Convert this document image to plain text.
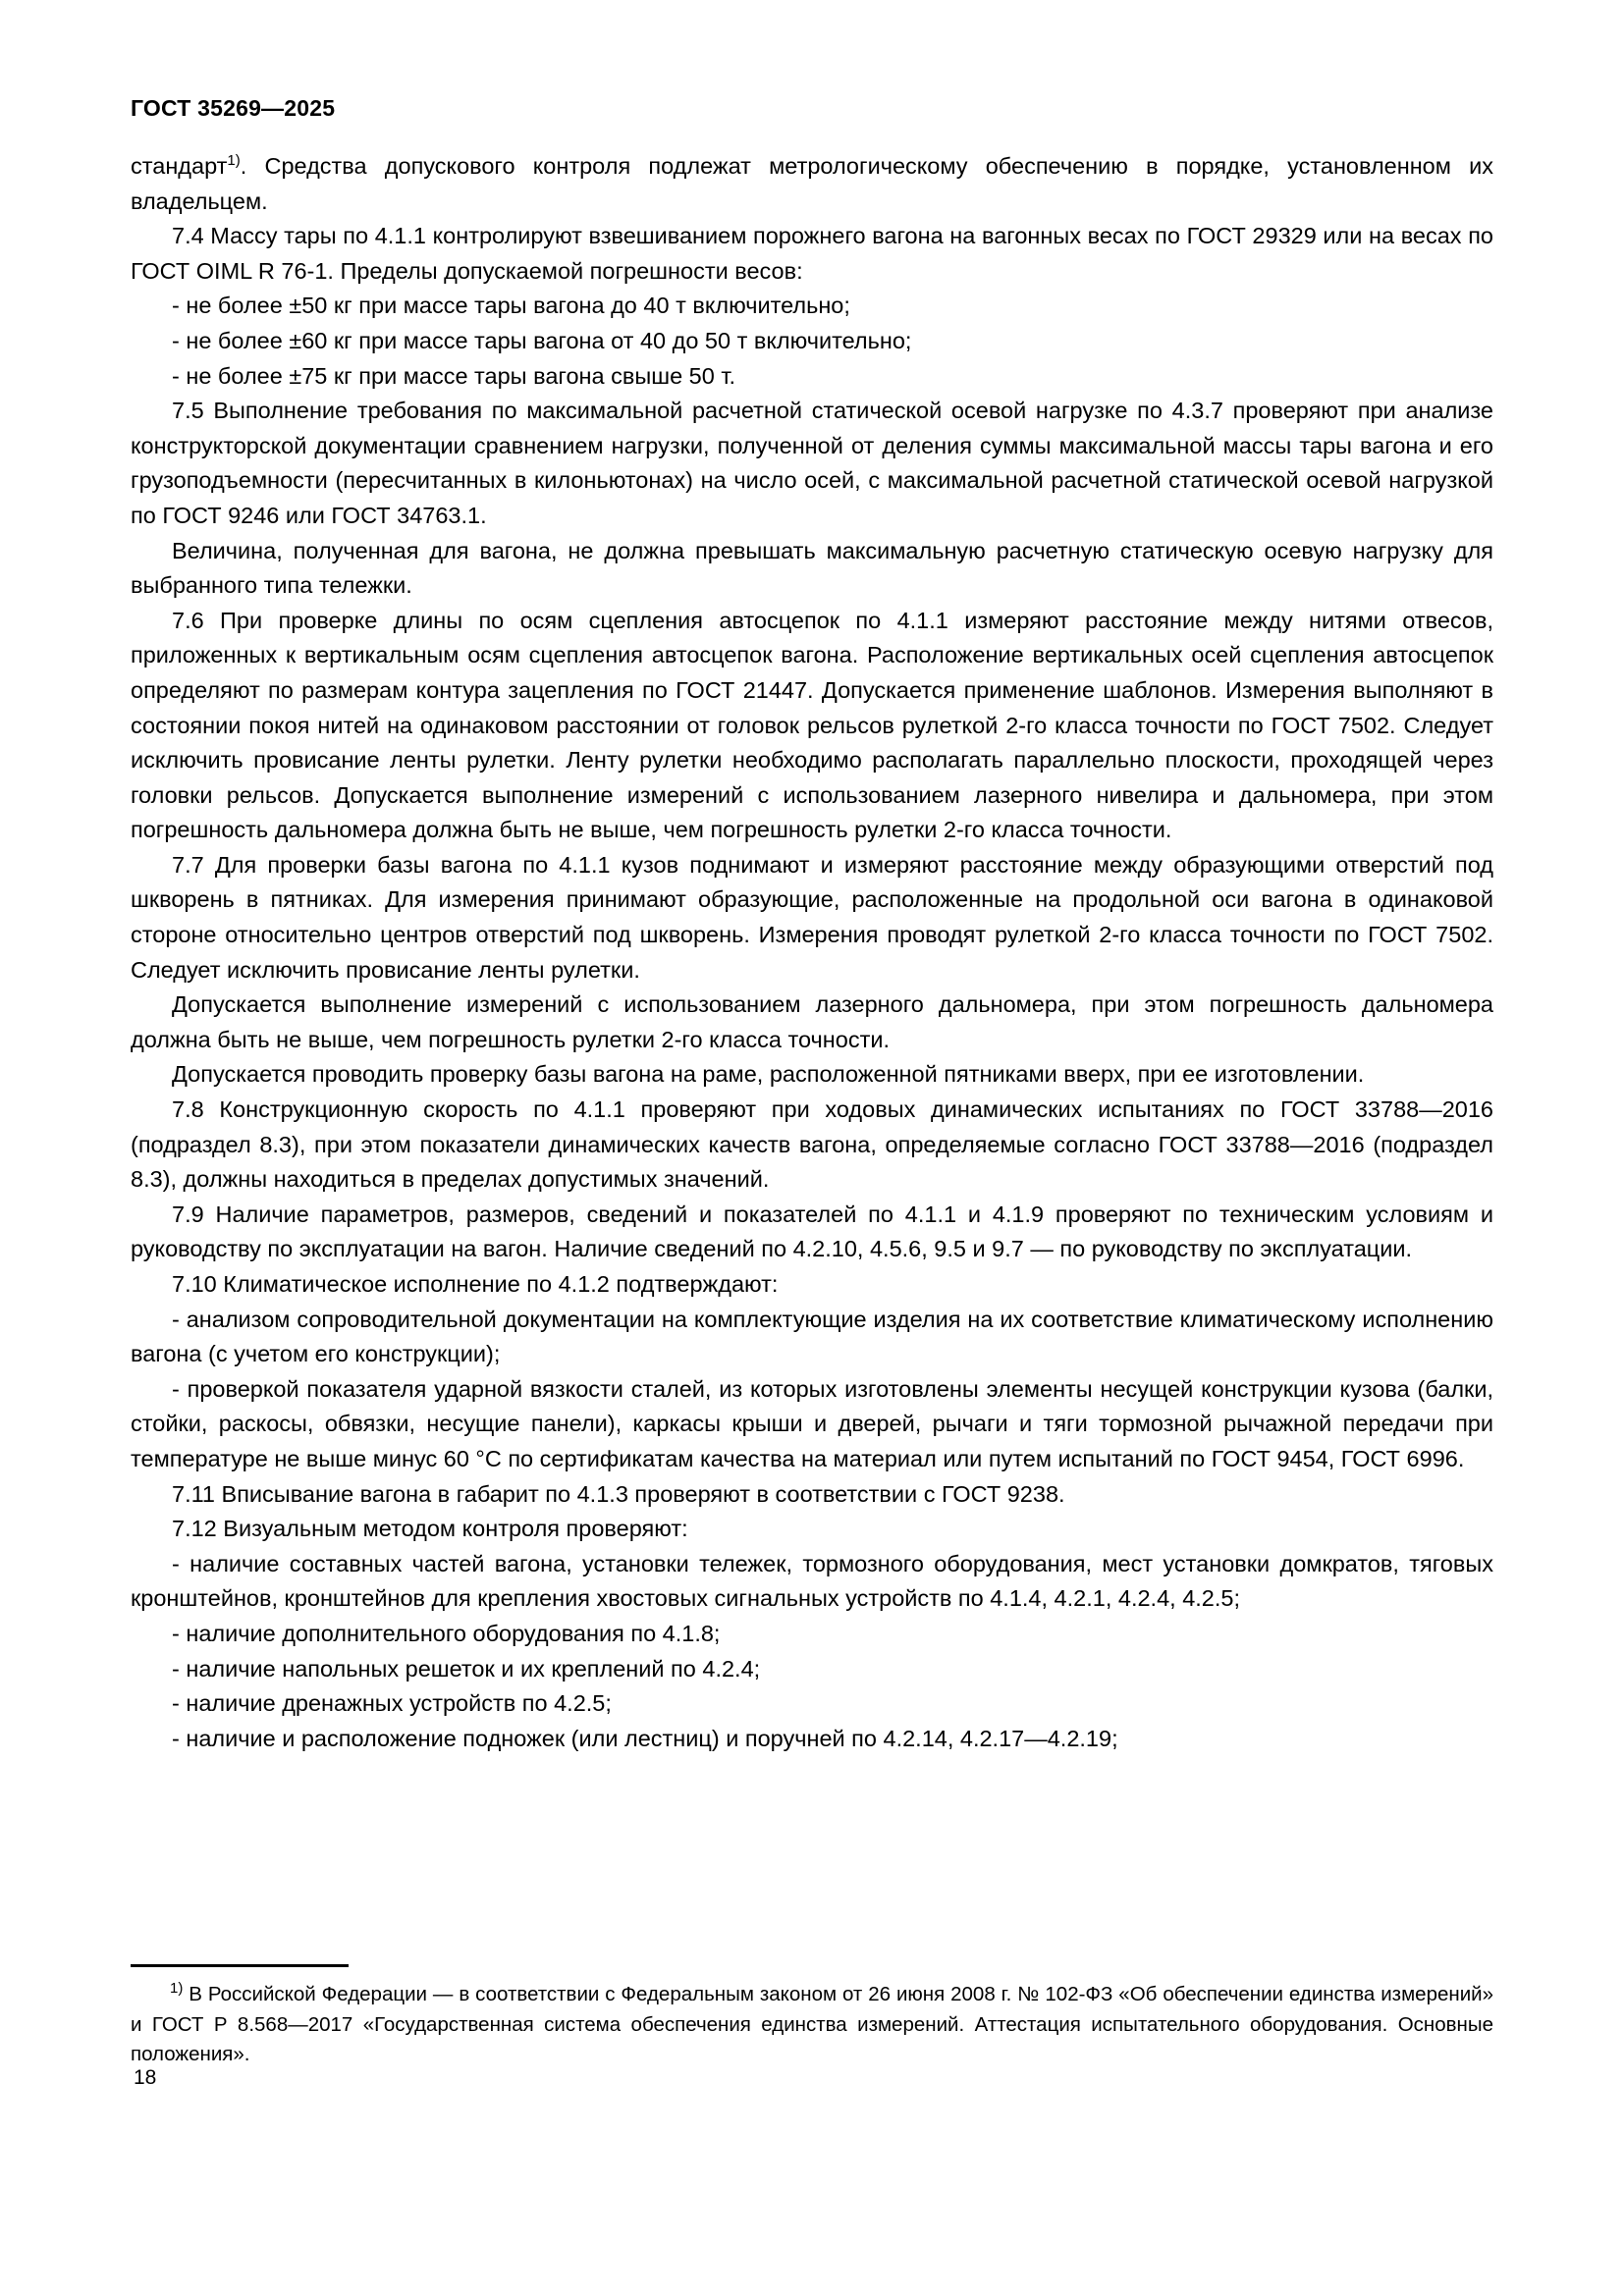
ГОСТ 35269—2025

стандарт$^{1)}$. Средства допускового контроля подлежат метрологическому обеспечению в порядке, установленном их владельцем.

7.4 Массу тары по 4.1.1 контролируют взвешиванием порожнего вагона на вагонных весах по ГОСТ 29329 или на весах по ГОСТ OIML R 76-1. Пределы допускаемой погрешности весов:

- не более ±50 кг при массе тары вагона до 40 т включительно;

- не более ±60 кг при массе тары вагона от 40 до 50 т включительно;

- не более ±75 кг при массе тары вагона свыше 50 т.

7.5 Выполнение требования по максимальной расчетной статической осевой нагрузке по 4.3.7 проверяют при анализе конструкторской документации сравнением нагрузки, полученной от деления суммы максимальной массы тары вагона и его грузоподъемности (пересчитанных в килоньютонах) на число осей, с максимальной расчетной статической осевой нагрузкой по ГОСТ 9246 или ГОСТ 34763.1.

Величина, полученная для вагона, не должна превышать максимальную расчетную статическую осевую нагрузку для выбранного типа тележки.

7.6 При проверке длины по осям сцепления автосцепок по 4.1.1 измеряют расстояние между нитями отвесов, приложенных к вертикальным осям сцепления автосцепок вагона. Расположение вертикальных осей сцепления автосцепок определяют по размерам контура зацепления по ГОСТ 21447. Допускается применение шаблонов. Измерения выполняют в состоянии покоя нитей на одинаковом расстоянии от головок рельсов рулеткой 2-го класса точности по ГОСТ 7502. Следует исключить провисание ленты рулетки. Ленту рулетки необходимо располагать параллельно плоскости, проходящей через головки рельсов. Допускается выполнение измерений с использованием лазерного нивелира и дальномера, при этом погрешность дальномера должна быть не выше, чем погрешность рулетки 2-го класса точности.

7.7 Для проверки базы вагона по 4.1.1 кузов поднимают и измеряют расстояние между образующими отверстий под шкворень в пятниках. Для измерения принимают образующие, расположенные на продольной оси вагона в одинаковой стороне относительно центров отверстий под шкворень. Измерения проводят рулеткой 2-го класса точности по ГОСТ 7502. Следует исключить провисание ленты рулетки.

Допускается выполнение измерений с использованием лазерного дальномера, при этом погрешность дальномера должна быть не выше, чем погрешность рулетки 2-го класса точности.

Допускается проводить проверку базы вагона на раме, расположенной пятниками вверх, при ее изготовлении.

7.8 Конструкционную скорость по 4.1.1 проверяют при ходовых динамических испытаниях по ГОСТ 33788—2016 (подраздел 8.3), при этом показатели динамических качеств вагона, определяемые согласно ГОСТ 33788—2016 (подраздел 8.3), должны находиться в пределах допустимых значений.

7.9 Наличие параметров, размеров, сведений и показателей по 4.1.1 и 4.1.9 проверяют по техническим условиям и руководству по эксплуатации на вагон. Наличие сведений по 4.2.10, 4.5.6, 9.5 и 9.7 — по руководству по эксплуатации.

7.10 Климатическое исполнение по 4.1.2 подтверждают:

- анализом сопроводительной документации на комплектующие изделия на их соответствие климатическому исполнению вагона (с учетом его конструкции);

- проверкой показателя ударной вязкости сталей, из которых изготовлены элементы несущей конструкции кузова (балки, стойки, раскосы, обвязки, несущие панели), каркасы крыши и дверей, рычаги и тяги тормозной рычажной передачи при температуре не выше минус 60 °C по сертификатам качества на материал или путем испытаний по ГОСТ 9454, ГОСТ 6996.

7.11 Вписывание вагона в габарит по 4.1.3 проверяют в соответствии с ГОСТ 9238.

7.12 Визуальным методом контроля проверяют:

- наличие составных частей вагона, установки тележек, тормозного оборудования, мест установки домкратов, тяговых кронштейнов, кронштейнов для крепления хвостовых сигнальных устройств по 4.1.4, 4.2.1, 4.2.4, 4.2.5;

- наличие дополнительного оборудования по 4.1.8;

- наличие напольных решеток и их креплений по 4.2.4;

- наличие дренажных устройств по 4.2.5;

- наличие и расположение подножек (или лестниц) и поручней по 4.2.14, 4.2.17—4.2.19;

$^{1)}$ В Российской Федерации — в соответствии с Федеральным законом от 26 июня 2008 г. № 102-ФЗ «Об обеспечении единства измерений» и ГОСТ Р 8.568—2017 «Государственная система обеспечения единства измерений. Аттестация испытательного оборудования. Основные положения».

18
